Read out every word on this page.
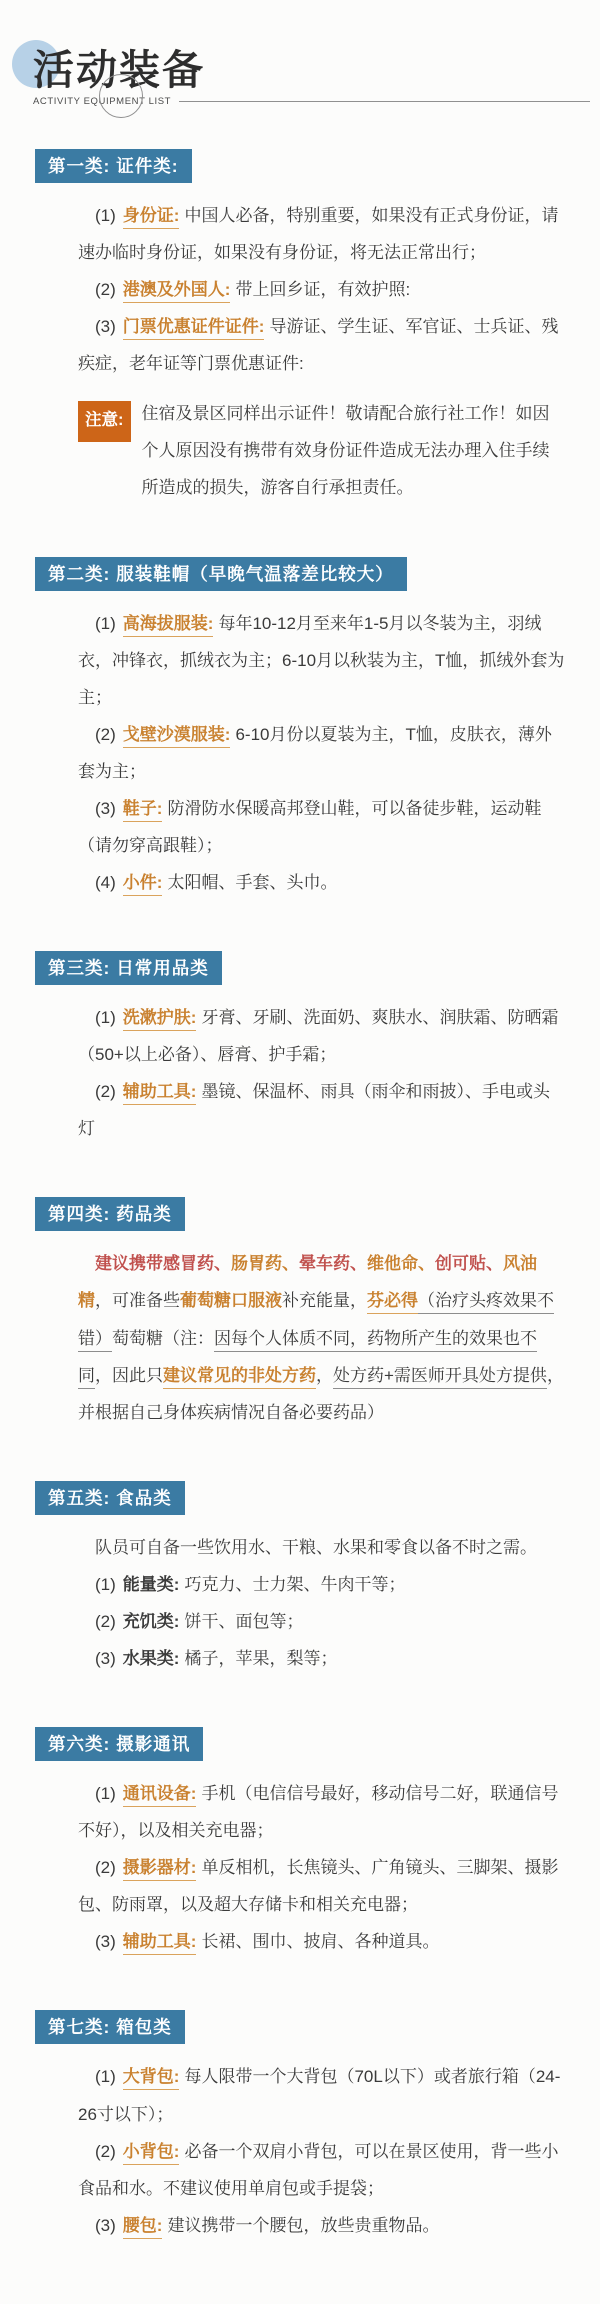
活动装备
ACTIVITY EQUIPMENT LIST
第一类: 证件类:

(1) 身份证: 中国人必备，特别重要，如果没有正式身份证，请速办临时身份证，如果没有身份证，将无法正常出行；

(2) 港澳及外国人: 带上回乡证，有效护照:

(3) 门票优惠证件证件: 导游证、学生证、军官证、士兵证、残疾症，老年证等门票优惠证件:

注意:	住宿及景区同样出示证件！敬请配合旅行社工作！如因个人原因没有携带有效身份证件造成无法办理入住手续所造成的损失，游客自行承担责任。
第二类: 服装鞋帽（早晚气温落差比较大）

(1) 高海拔服装: 每年10-12月至来年1-5月以冬装为主，羽绒衣，冲锋衣，抓绒衣为主；6-10月以秋装为主，T恤，抓绒外套为主；

(2) 戈壁沙漠服装: 6-10月份以夏装为主，T恤，皮肤衣，薄外套为主；

(3) 鞋子: 防滑防水保暖高邦登山鞋，可以备徒步鞋，运动鞋（请勿穿高跟鞋）；

(4) 小件: 太阳帽、手套、头巾。

第三类: 日常用品类

(1) 洗漱护肤: 牙膏、牙刷、洗面奶、爽肤水、润肤霜、防晒霜（50+以上必备）、唇膏、护手霜；

(2) 辅助工具: 墨镜、保温杯、雨具（雨伞和雨披）、手电或头灯

第四类: 药品类

建议携带感冒药、肠胃药、晕车药、维他命、创可贴、风油精，可准备些葡萄糖口服液补充能量，芬必得（治疗头疼效果不错）萄萄糖（注：因每个人体质不同，药物所产生的效果也不同，因此只建议常见的非处方药，处方药+需医师开具处方提供，并根据自己身体疾病情况自备必要药品）

第五类: 食品类

队员可自备一些饮用水、干粮、水果和零食以备不时之需。

(1) 能量类: 巧克力、士力架、牛肉干等；

(2) 充饥类: 饼干、面包等；

(3) 水果类: 橘子，苹果，梨等；

第六类: 摄影通讯

(1) 通讯设备: 手机（电信信号最好，移动信号二好，联通信号不好），以及相关充电器；

(2) 摄影器材: 单反相机，长焦镜头、广角镜头、三脚架、摄影包、防雨罩，以及超大存储卡和相关充电器；

(3) 辅助工具: 长裙、围巾、披肩、各种道具。

第七类: 箱包类

(1) 大背包: 每人限带一个大背包（70L以下）或者旅行箱（24-26寸以下）；

(2) 小背包: 必备一个双肩小背包，可以在景区使用，背一些小食品和水。不建议使用单肩包或手提袋；

(3) 腰包: 建议携带一个腰包，放些贵重物品。
